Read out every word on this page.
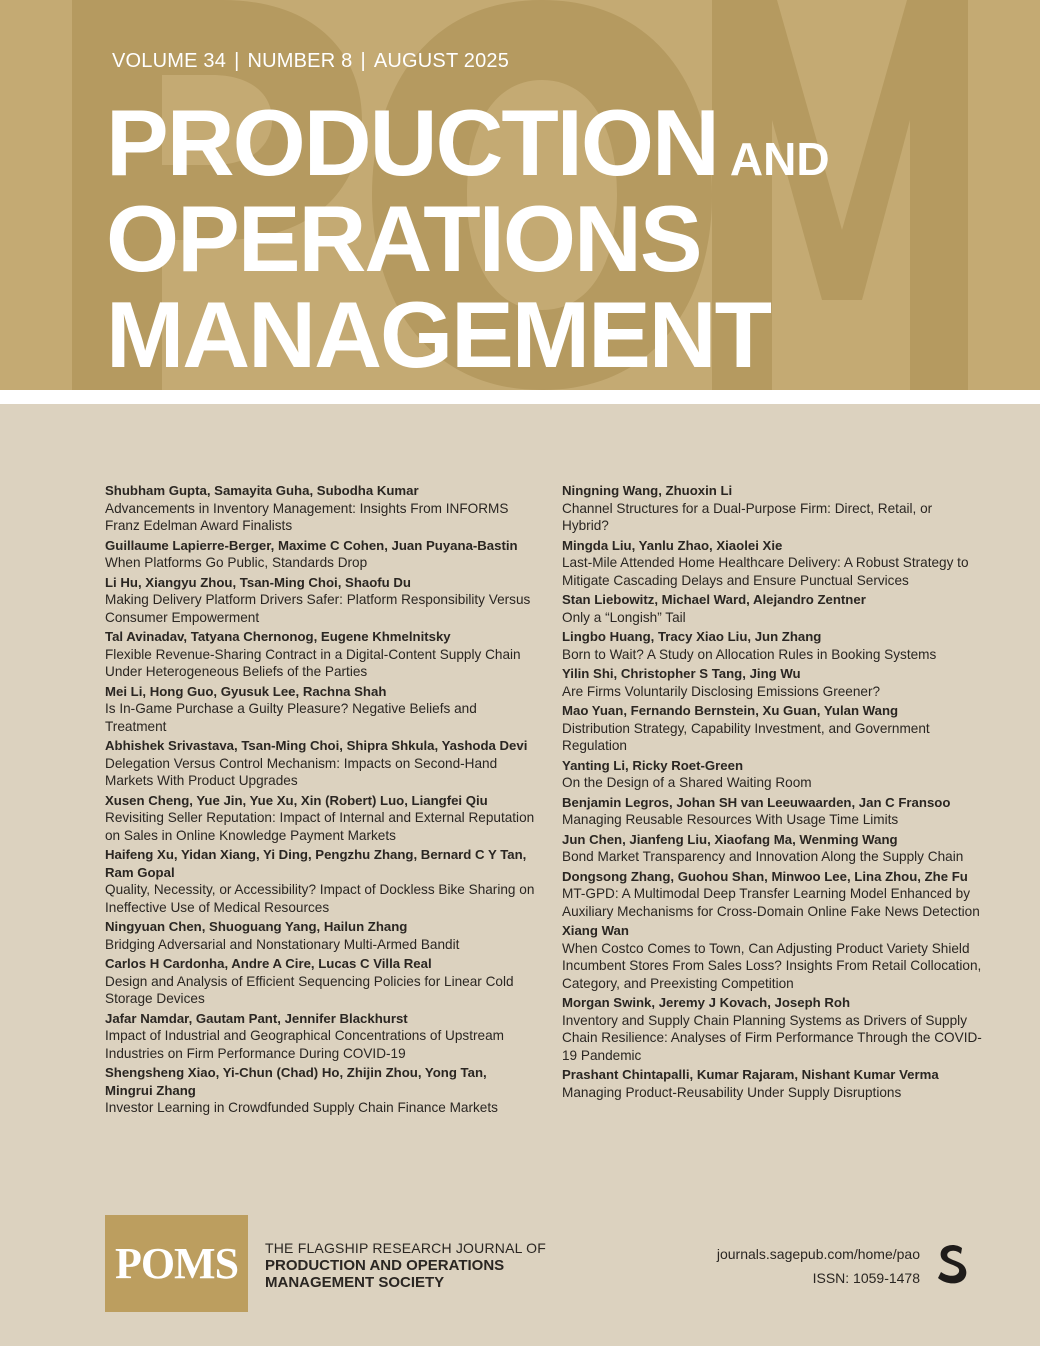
VOLUME 34 | NUMBER 8 | AUGUST 2025
PRODUCTION AND
OPERATIONS
MANAGEMENT
Shubham Gupta, Samayita Guha, Subodha Kumar
Advancements in Inventory Management: Insights From INFORMS Franz Edelman Award Finalists
Guillaume Lapierre-Berger, Maxime C Cohen, Juan Puyana-Bastin
When Platforms Go Public, Standards Drop
Li Hu, Xiangyu Zhou, Tsan-Ming Choi, Shaofu Du
Making Delivery Platform Drivers Safer: Platform Responsibility Versus Consumer Empowerment
Tal Avinadav, Tatyana Chernonog, Eugene Khmelnitsky
Flexible Revenue-Sharing Contract in a Digital-Content Supply Chain Under Heterogeneous Beliefs of the Parties
Mei Li, Hong Guo, Gyusuk Lee, Rachna Shah
Is In-Game Purchase a Guilty Pleasure? Negative Beliefs and Treatment
Abhishek Srivastava, Tsan-Ming Choi, Shipra Shkula, Yashoda Devi
Delegation Versus Control Mechanism: Impacts on Second-Hand Markets With Product Upgrades
Xusen Cheng, Yue Jin, Yue Xu, Xin (Robert) Luo, Liangfei Qiu
Revisiting Seller Reputation: Impact of Internal and External Reputation on Sales in Online Knowledge Payment Markets
Haifeng Xu, Yidan Xiang, Yi Ding, Pengzhu Zhang, Bernard C Y Tan, Ram Gopal
Quality, Necessity, or Accessibility? Impact of Dockless Bike Sharing on Ineffective Use of Medical Resources
Ningyuan Chen, Shuoguang Yang, Hailun Zhang
Bridging Adversarial and Nonstationary Multi-Armed Bandit
Carlos H Cardonha, Andre A Cire, Lucas C Villa Real
Design and Analysis of Efficient Sequencing Policies for Linear Cold Storage Devices
Jafar Namdar, Gautam Pant, Jennifer Blackhurst
Impact of Industrial and Geographical Concentrations of Upstream Industries on Firm Performance During COVID-19
Shengsheng Xiao, Yi-Chun (Chad) Ho, Zhijin Zhou, Yong Tan, Mingrui Zhang
Investor Learning in Crowdfunded Supply Chain Finance Markets
Ningning Wang, Zhuoxin Li
Channel Structures for a Dual-Purpose Firm: Direct, Retail, or Hybrid?
Mingda Liu, Yanlu Zhao, Xiaolei Xie
Last-Mile Attended Home Healthcare Delivery: A Robust Strategy to Mitigate Cascading Delays and Ensure Punctual Services
Stan Liebowitz, Michael Ward, Alejandro Zentner
Only a “Longish” Tail
Lingbo Huang, Tracy Xiao Liu, Jun Zhang
Born to Wait? A Study on Allocation Rules in Booking Systems
Yilin Shi, Christopher S Tang, Jing Wu
Are Firms Voluntarily Disclosing Emissions Greener?
Mao Yuan, Fernando Bernstein, Xu Guan, Yulan Wang
Distribution Strategy, Capability Investment, and Government Regulation
Yanting Li, Ricky Roet-Green
On the Design of a Shared Waiting Room
Benjamin Legros, Johan SH van Leeuwaarden, Jan C Fransoo
Managing Reusable Resources With Usage Time Limits
Jun Chen, Jianfeng Liu, Xiaofang Ma, Wenming Wang
Bond Market Transparency and Innovation Along the Supply Chain
Dongsong Zhang, Guohou Shan, Minwoo Lee, Lina Zhou, Zhe Fu
MT-GPD: A Multimodal Deep Transfer Learning Model Enhanced by Auxiliary Mechanisms for Cross-Domain Online Fake News Detection
Xiang Wan
When Costco Comes to Town, Can Adjusting Product Variety Shield Incumbent Stores From Sales Loss? Insights From Retail Collocation, Category, and Preexisting Competition
Morgan Swink, Jeremy J Kovach, Joseph Roh
Inventory and Supply Chain Planning Systems as Drivers of Supply Chain Resilience: Analyses of Firm Performance Through the COVID-19 Pandemic
Prashant Chintapalli, Kumar Rajaram, Nishant Kumar Verma
Managing Product-Reusability Under Supply Disruptions
POMS THE FLAGSHIP RESEARCH JOURNAL OF
PRODUCTION AND OPERATIONS
MANAGEMENT SOCIETY
journals.sagepub.com/home/pao
ISSN: 1059-1478
